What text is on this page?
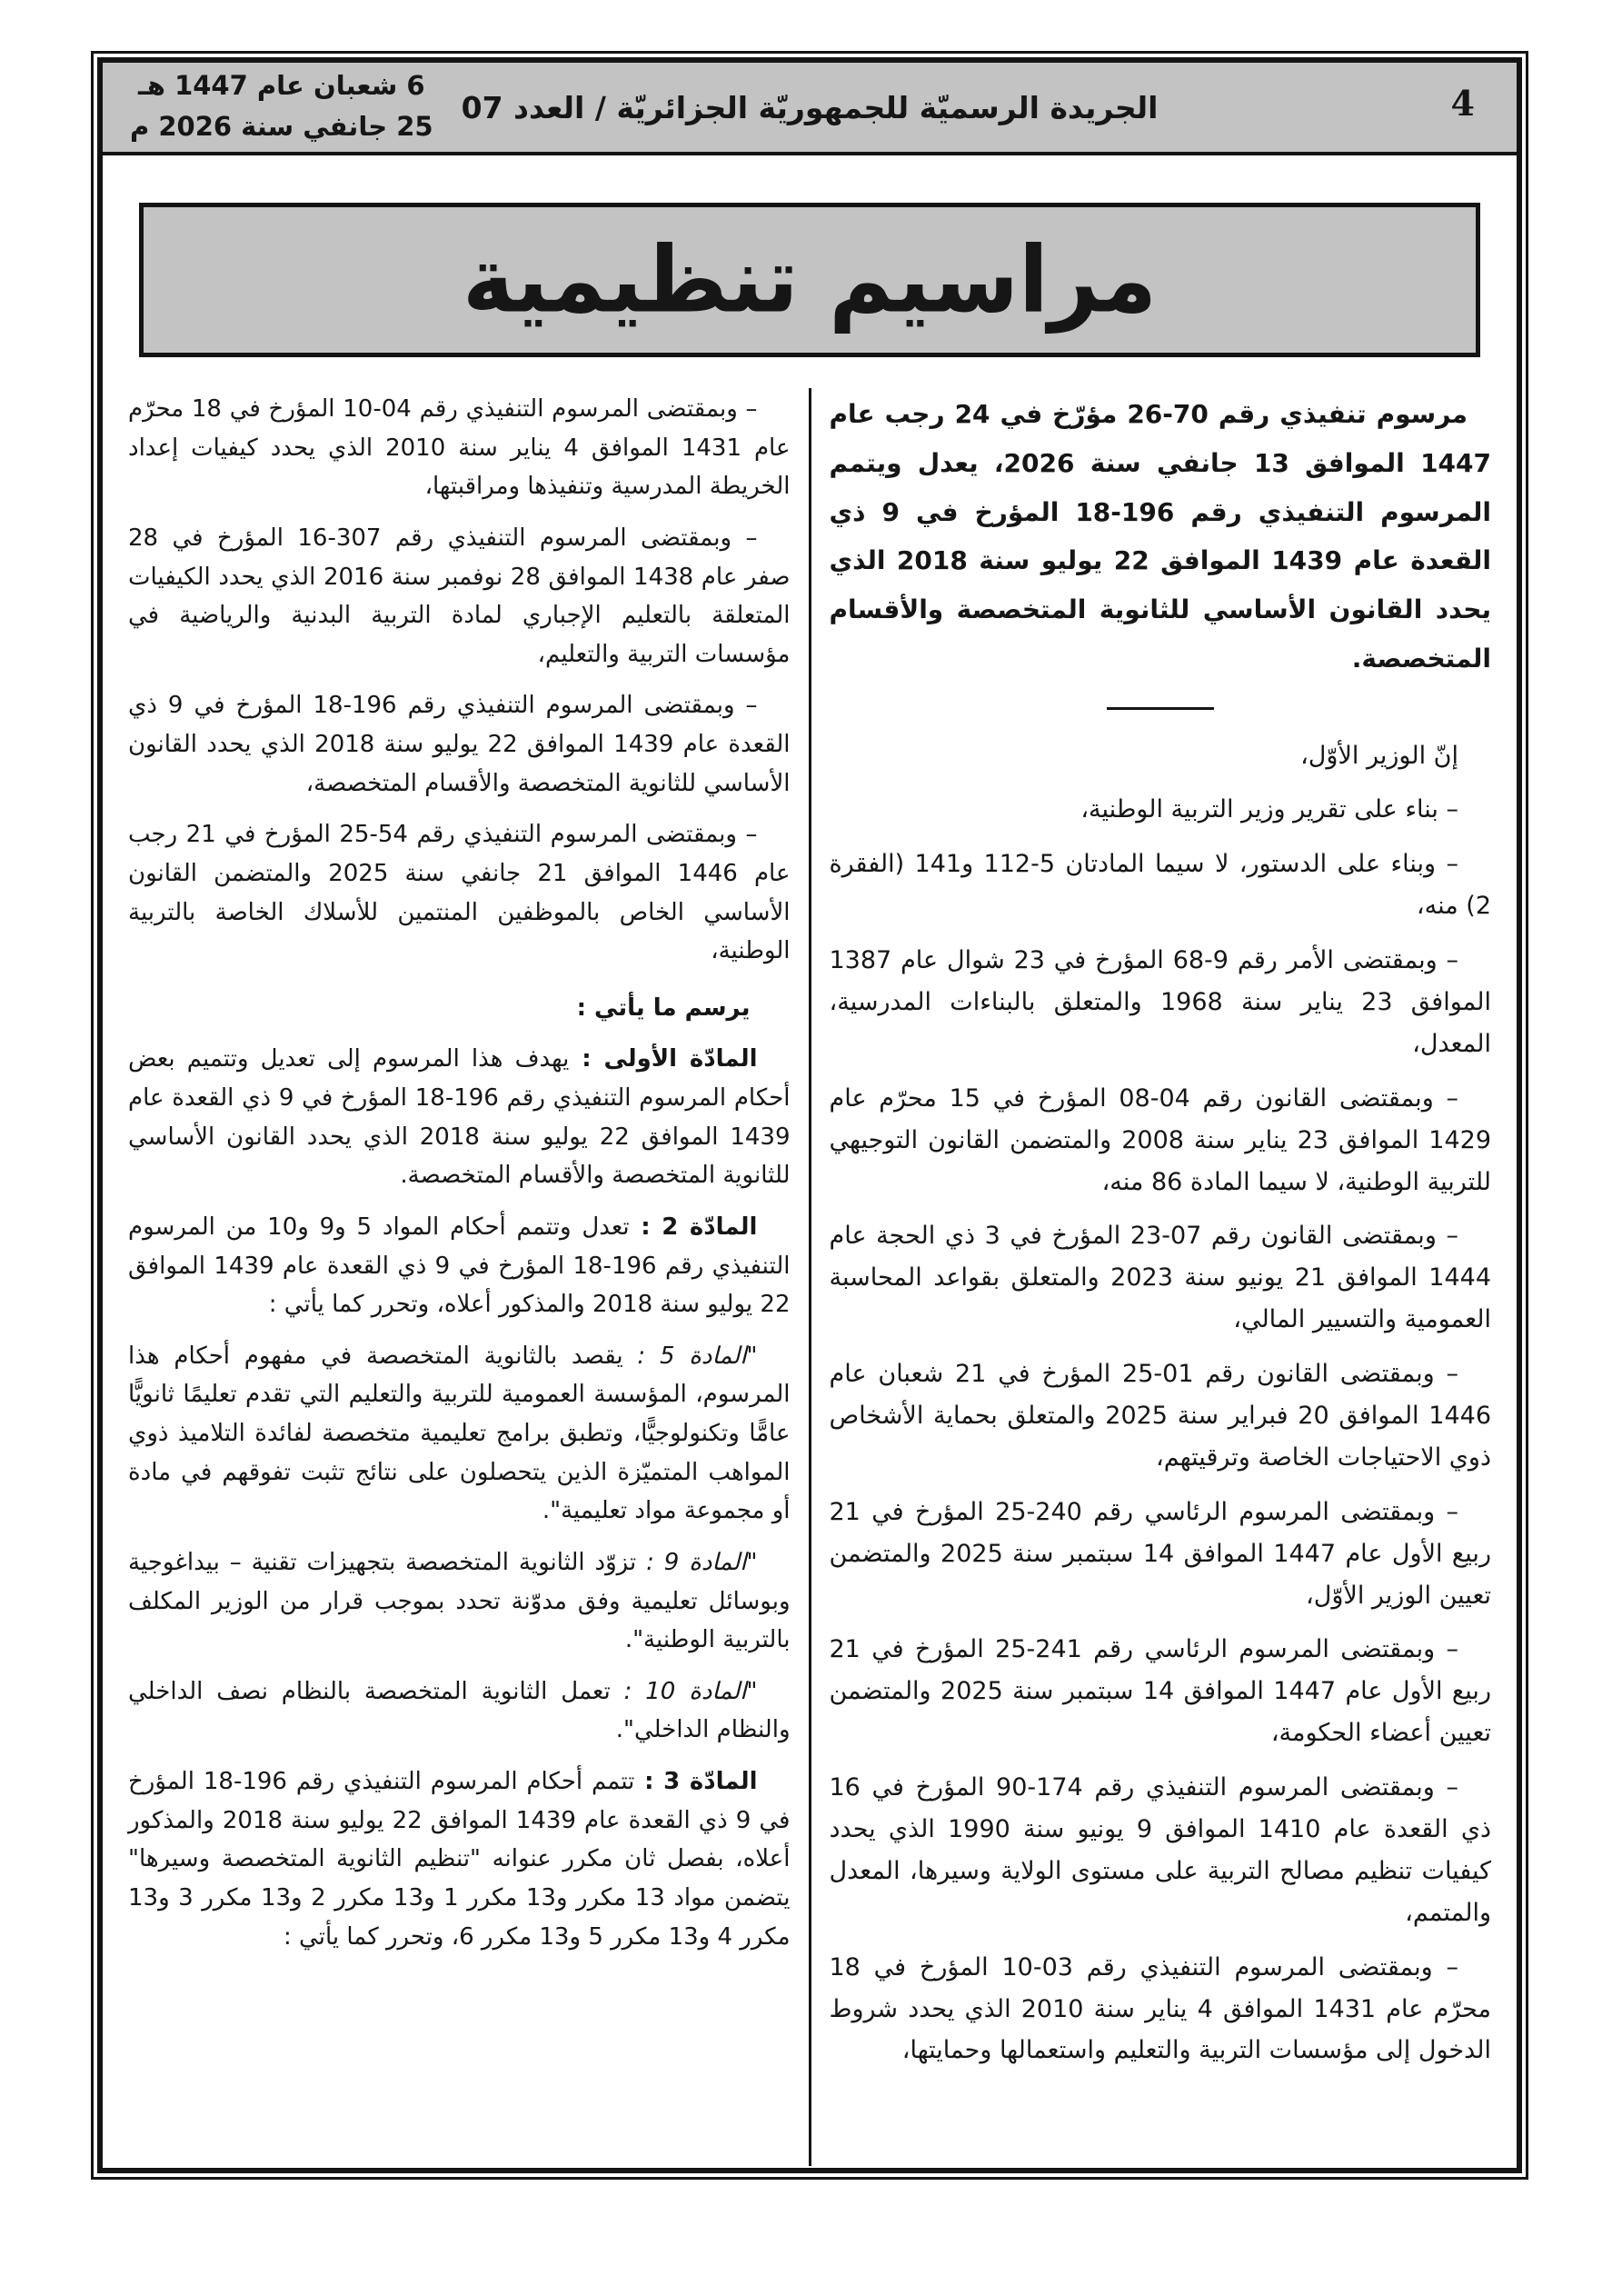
6 شعبان عام 1447 هـ
25 جانفي سنة 2026 م
الجريدة الرسميّة للجمهوريّة الجزائريّة / العدد 07	4
مراسيم تنظيمية

مرسوم تنفيذي رقم 70-26 مؤرّخ في 24 رجب عام 1447 الموافق 13 جانفي سنة 2026، يعدل ويتمم المرسوم التنفيذي رقم 196-18 المؤرخ في 9 ذي القعدة عام 1439 الموافق 22 يوليو سنة 2018 الذي يحدد القانون الأساسي للثانوية المتخصصة والأقسام المتخصصة.

إنّ الوزير الأوّل،

– بناء على تقرير وزير التربية الوطنية،

– وبناء على الدستور، لا سيما المادتان 5-112 و141 (الفقرة 2) منه،

– وبمقتضى الأمر رقم 9-68 المؤرخ في 23 شوال عام 1387 الموافق 23 يناير سنة 1968 والمتعلق بالبناءات المدرسية، المعدل،

– وبمقتضى القانون رقم 04-08 المؤرخ في 15 محرّم عام 1429 الموافق 23 يناير سنة 2008 والمتضمن القانون التوجيهي للتربية الوطنية، لا سيما المادة 86 منه،

– وبمقتضى القانون رقم 07-23 المؤرخ في 3 ذي الحجة عام 1444 الموافق 21 يونيو سنة 2023 والمتعلق بقواعد المحاسبة العمومية والتسيير المالي،

– وبمقتضى القانون رقم 01-25 المؤرخ في 21 شعبان عام 1446 الموافق 20 فبراير سنة 2025 والمتعلق بحماية الأشخاص ذوي الاحتياجات الخاصة وترقيتهم،

– وبمقتضى المرسوم الرئاسي رقم 240-25 المؤرخ في 21 ربيع الأول عام 1447 الموافق 14 سبتمبر سنة 2025 والمتضمن تعيين الوزير الأوّل،

– وبمقتضى المرسوم الرئاسي رقم 241-25 المؤرخ في 21 ربيع الأول عام 1447 الموافق 14 سبتمبر سنة 2025 والمتضمن تعيين أعضاء الحكومة،

– وبمقتضى المرسوم التنفيذي رقم 174-90 المؤرخ في 16 ذي القعدة عام 1410 الموافق 9 يونيو سنة 1990 الذي يحدد كيفيات تنظيم مصالح التربية على مستوى الولاية وسيرها، المعدل والمتمم،

– وبمقتضى المرسوم التنفيذي رقم 03-10 المؤرخ في 18 محرّم عام 1431 الموافق 4 يناير سنة 2010 الذي يحدد شروط الدخول إلى مؤسسات التربية والتعليم واستعمالها وحمايتها،

– وبمقتضى المرسوم التنفيذي رقم 04-10 المؤرخ في 18 محرّم عام 1431 الموافق 4 يناير سنة 2010 الذي يحدد كيفيات إعداد الخريطة المدرسية وتنفيذها ومراقبتها،

– وبمقتضى المرسوم التنفيذي رقم 307-16 المؤرخ في 28 صفر عام 1438 الموافق 28 نوفمبر سنة 2016 الذي يحدد الكيفيات المتعلقة بالتعليم الإجباري لمادة التربية البدنية والرياضية في مؤسسات التربية والتعليم،

– وبمقتضى المرسوم التنفيذي رقم 196-18 المؤرخ في 9 ذي القعدة عام 1439 الموافق 22 يوليو سنة 2018 الذي يحدد القانون الأساسي للثانوية المتخصصة والأقسام المتخصصة،

– وبمقتضى المرسوم التنفيذي رقم 54-25 المؤرخ في 21 رجب عام 1446 الموافق 21 جانفي سنة 2025 والمتضمن القانون الأساسي الخاص بالموظفين المنتمين للأسلاك الخاصة بالتربية الوطنية،

يرسم ما يأتي :

المادّة الأولى : يهدف هذا المرسوم إلى تعديل وتتميم بعض أحكام المرسوم التنفيذي رقم 196-18 المؤرخ في 9 ذي القعدة عام 1439 الموافق 22 يوليو سنة 2018 الذي يحدد القانون الأساسي للثانوية المتخصصة والأقسام المتخصصة.

المادّة 2 : تعدل وتتمم أحكام المواد 5 و9 و10 من المرسوم التنفيذي رقم 196-18 المؤرخ في 9 ذي القعدة عام 1439 الموافق 22 يوليو سنة 2018 والمذكور أعلاه، وتحرر كما يأتي :

"المادة 5 : يقصد بالثانوية المتخصصة في مفهوم أحكام هذا المرسوم، المؤسسة العمومية للتربية والتعليم التي تقدم تعليمًا ثانويًّا عامًّا وتكنولوجيًّا، وتطبق برامج تعليمية متخصصة لفائدة التلاميذ ذوي المواهب المتميّزة الذين يتحصلون على نتائج تثبت تفوقهم في مادة أو مجموعة مواد تعليمية".

"المادة 9 : تزوّد الثانوية المتخصصة بتجهيزات تقنية – بيداغوجية وبوسائل تعليمية وفق مدوّنة تحدد بموجب قرار من الوزير المكلف بالتربية الوطنية".

"المادة 10 : تعمل الثانوية المتخصصة بالنظام نصف الداخلي والنظام الداخلي".

المادّة 3 : تتمم أحكام المرسوم التنفيذي رقم 196-18 المؤرخ في 9 ذي القعدة عام 1439 الموافق 22 يوليو سنة 2018 والمذكور أعلاه، بفصل ثان مكرر عنوانه "تنظيم الثانوية المتخصصة وسيرها" يتضمن مواد 13 مكرر و13 مكرر 1 و13 مكرر 2 و13 مكرر 3 و13 مكرر 4 و13 مكرر 5 و13 مكرر 6، وتحرر كما يأتي :
